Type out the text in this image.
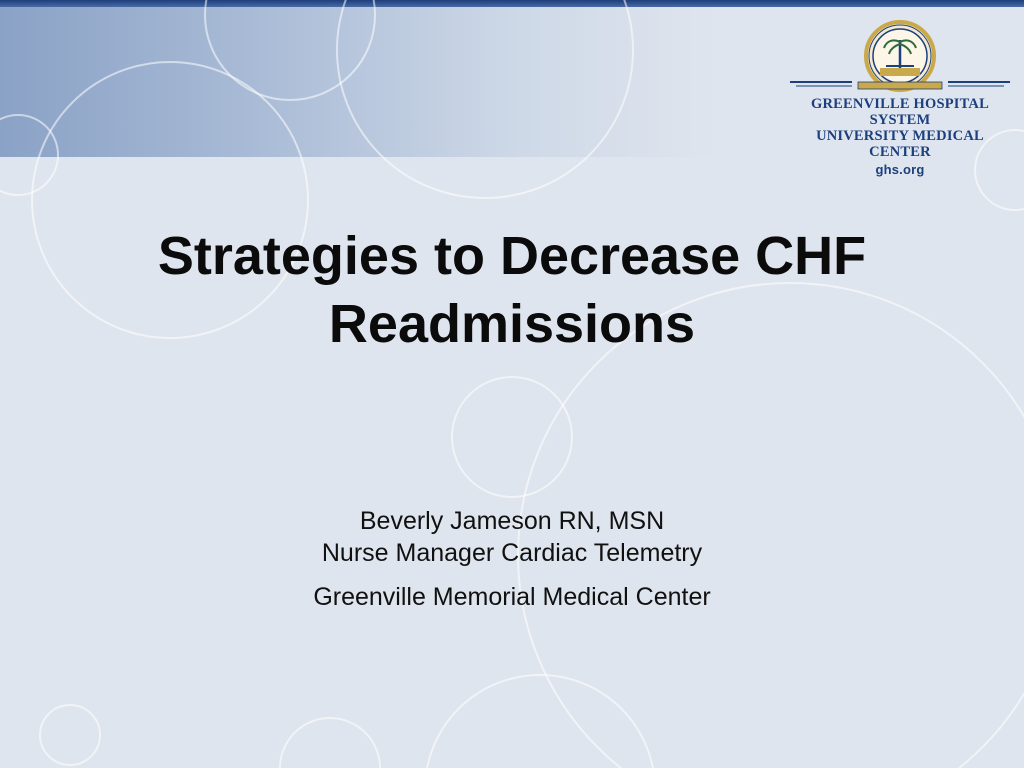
GREENVILLE HOSPITAL SYSTEM
UNIVERSITY MEDICAL CENTER
ghs.org
Strategies to Decrease CHF
Readmissions
Beverly Jameson RN, MSN
Nurse Manager Cardiac Telemetry
Greenville Memorial Medical Center
